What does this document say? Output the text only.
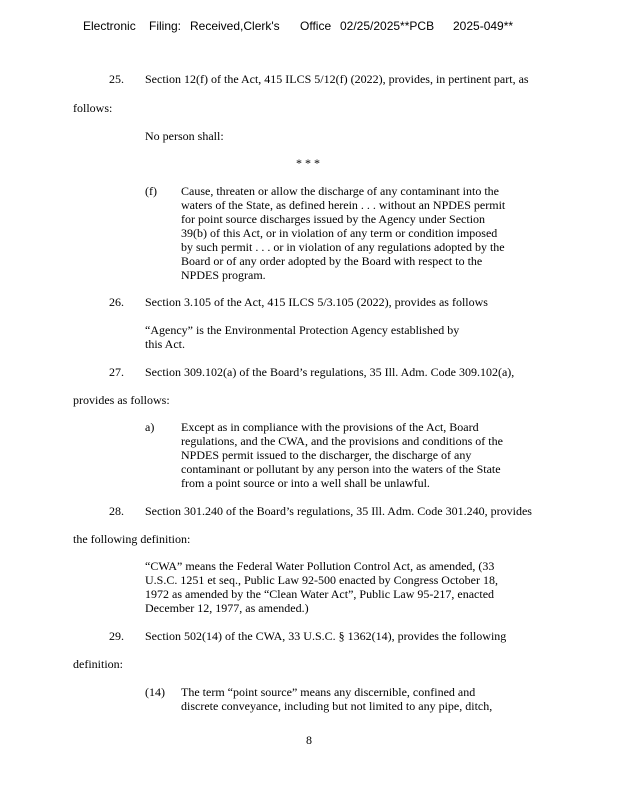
Electronic

Filing:

Received,Clerk's

Office

02/25/2025**PCB

2025-049**

25. Section 12(f) of the Act, 415 ILCS 5/12(f) (2022), provides, in pertinent part, as
follows:
No person shall:
* * *
(f) Cause, threaten or allow the discharge of any contaminant into the
waters of the State, as defined herein . . . without an NPDES permit
for point source discharges issued by the Agency under Section
39(b) of this Act, or in violation of any term or condition imposed
by such permit . . . or in violation of any regulations adopted by the
Board or of any order adopted by the Board with respect to the
NPDES program.
26. Section 3.105 of the Act, 415 ILCS 5/3.105 (2022), provides as follows
“Agency” is the Environmental Protection Agency established by
this Act.
27. Section 309.102(a) of the Board’s regulations, 35 Ill. Adm. Code 309.102(a),
provides as follows:
a) Except as in compliance with the provisions of the Act, Board
regulations, and the CWA, and the provisions and conditions of the
NPDES permit issued to the discharger, the discharge of any
contaminant or pollutant by any person into the waters of the State
from a point source or into a well shall be unlawful.
28. Section 301.240 of the Board’s regulations, 35 Ill. Adm. Code 301.240, provides
the following definition:
“CWA” means the Federal Water Pollution Control Act, as amended, (33
U.S.C. 1251 et seq., Public Law 92-500 enacted by Congress October 18,
1972 as amended by the “Clean Water Act”, Public Law 95-217, enacted
December 12, 1977, as amended.)
29. Section 502(14) of the CWA, 33 U.S.C. § 1362(14), provides the following
definition:
(14) The term “point source” means any discernible, confined and
discrete conveyance, including but not limited to any pipe, ditch,
8
